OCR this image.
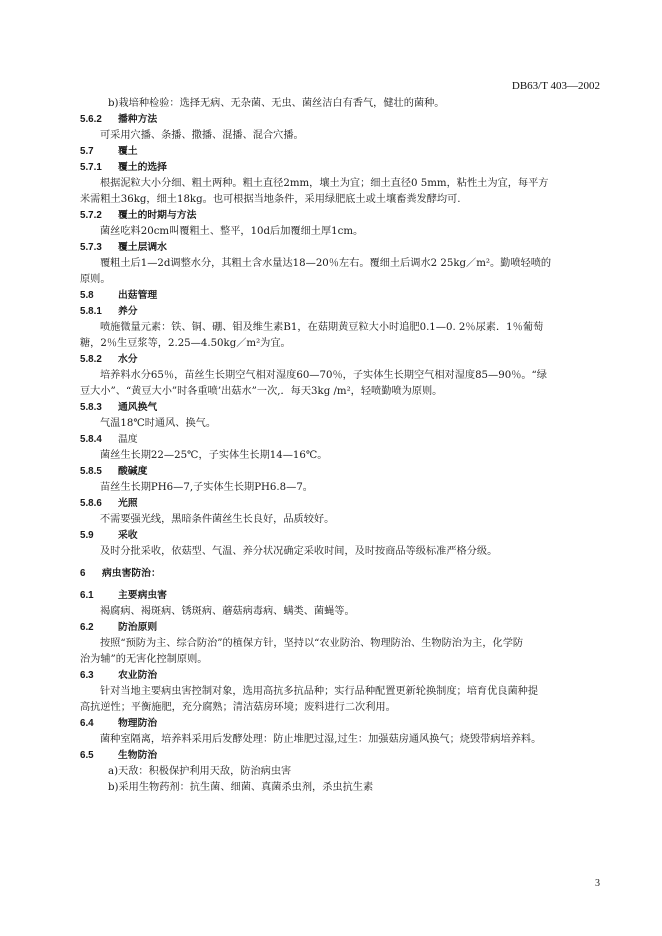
DB63/T 403—2002
b)栽培种检验：选择无病、无杂菌、无虫、菌丝洁白有香气，健壮的菌种。
5.6.2	播种方法
可采用穴播、条播、撒播、混播、混合穴播。
5.7	覆土
5.7.1	覆土的选择
根据泥粒大小分细、粗土两种。粗土直径2mm，壤土为宜；细土直径0 5mm，粘性土为宜，每平方
米需粗土36kg，细土18kg。也可根据当地条件，采用绿肥底土或土壤畜粪发酵均可.
5.7.2	覆土的时期与方法
菌丝吃料20cm叫覆粗土、整平，10d后加覆细土厚1cm。
5.7.3	覆土层调水
覆粗土后1—2d调整水分，其粗土含水量达18—20％左右。覆细土后调水2 25kg／m²。勤喷轻喷的
原则。
5.8	出菇管理
5.8.1	养分
喷施微量元素：铁、铜、硼、钼及维生素B1，在菇期黄豆粒大小时追肥0.1—0. 2％尿素．1％葡萄
糖，2％生豆浆等，2.25—4.50kg／m²为宜。
5.8.2	水分
培养料水分65％，苗丝生长期空气相对湿度60—70％，子实体生长期空气相对湿度85—90％。“绿
豆大小”、“黄豆大小”时各重喷’出菇水”一次,．每天3kg /m²，轻喷勤喷为原则。
5.8.3	通风换气
气温18℃时通风、换气。
5.8.4	温度
菌丝生长期22—25℃，子实体生长期14—16℃。
5.8.5	酸碱度
苗丝生长期PH6—7,子实体生长期PH6.8—7。
5.8.6	光照
不需要强光线，黑暗条件菌丝生长良好，品质较好。
5.9	采收
及时分批采收，依菇型、气温、养分状况确定采收时间，及时按商品等级标准严格分级。
6	病虫害防治：
6.1	主要病虫害
褐腐病、褐斑病、锈斑病、蘑菇病毒病、螨类、菌蝇等。
6.2	防治原则
按照“预防为主、综合防治”的植保方针，坚持以“农业防治、物理防治、生物防治为主，化学防
治为辅”的无害化控制原则。
6.3	农业防治
针对当地主要病虫害控制对象，选用高抗多抗品种；实行品种配置更新轮换制度；培育优良菌种提
高抗逆性；平衡施肥，充分腐熟；清洁菇房环境；废料进行二次利用。
6.4	物理防治
菌种室隔离，培养料采用后发酵处理：防止堆肥过湿,过生：加强菇房通风换气；烧毁带病培养料。
6.5	生物防治
a)天敌：积极保护利用天敌，防治病虫害
b)采用生物药剂：抗生菌、细菌、真菌杀虫剂，杀虫抗生素
3
